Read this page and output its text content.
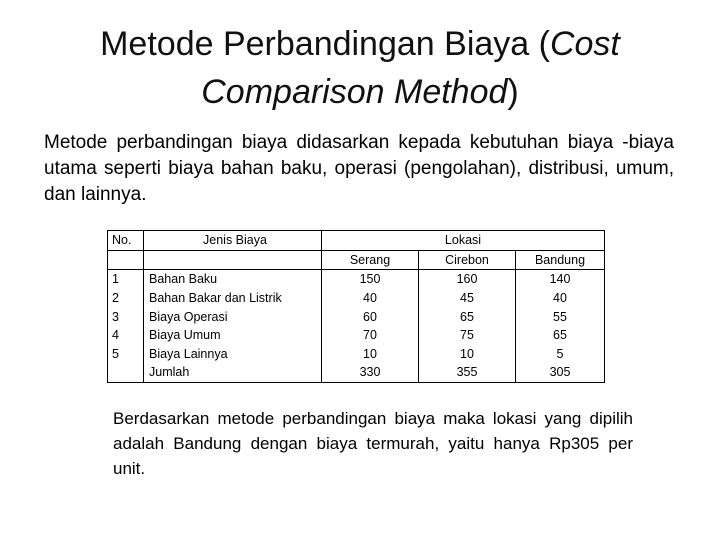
Metode Perbandingan Biaya (Cost Comparison Method)
Metode perbandingan biaya didasarkan kepada kebutuhan biaya -biaya utama seperti biaya bahan baku, operasi (pengolahan), distribusi, umum, dan lainnya.
No.	Jenis Biaya	Lokasi		
		Serang	Cirebon	Bandung
1	Bahan Baku	150	160	140
2	Bahan Bakar dan Listrik	40	45	40
3	Biaya Operasi	60	65	55
4	Biaya Umum	70	75	65
5	Biaya Lainnya	10	10	5
	Jumlah	330	355	305
Berdasarkan metode perbandingan biaya maka lokasi yang dipilih adalah Bandung dengan biaya termurah, yaitu hanya Rp305 per unit.
